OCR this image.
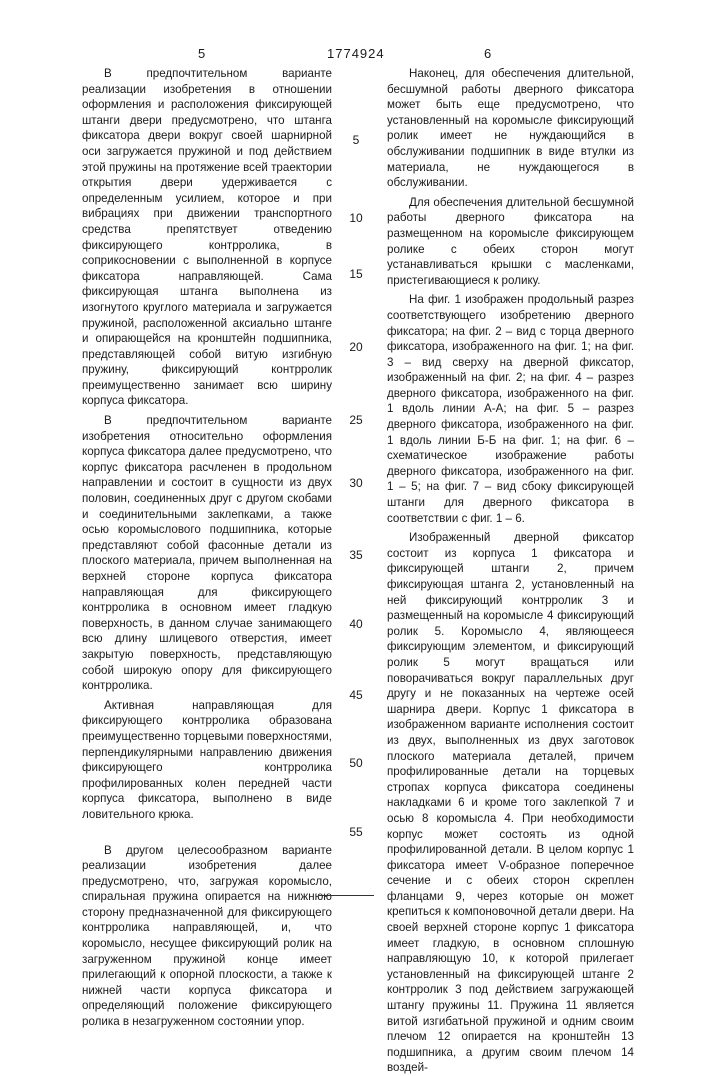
5	1774924	6

В предпочтительном варианте реализации изобретения в отношении оформления и расположения фиксирующей штанги двери предусмотрено, что штанга фиксатора двери вокруг своей шарнирной оси загружается пружиной и под действием этой пружины на протяжение всей траектории открытия двери удерживается с определенным усилием, которое и при вибрациях при движении транспортного средства препятствует отведению фиксирующего контрролика, в соприкосновении с выполненной в корпусе фиксатора направляющей. Сама фиксирующая штанга выполнена из изогнутого круглого материала и загружается пружиной, расположенной аксиально штанге и опирающейся на кронштейн подшипника, представляющей собой витую изгибную пружину, фиксирующий контрролик преимущественно занимает всю ширину корпуса фиксатора.

В предпочтительном варианте изобретения относительно оформления корпуса фиксатора далее предусмотрено, что корпус фиксатора расчленен в продольном направлении и состоит в сущности из двух половин, соединенных друг с другом скобами и соединительными заклепками, а также осью коромыслового подшипника, которые представляют собой фасонные детали из плоского материала, причем выполненная на верхней стороне корпуса фиксатора направляющая для фиксирующего контрролика в основном имеет гладкую поверхность, в данном случае занимающего всю длину шлицевого отверстия, имеет закрытую поверхность, представляющую собой широкую опору для фиксирующего контрролика.

Активная направляющая для фиксирующего контрролика образована преимущественно торцевыми поверхностями, перпендикулярными направлению движения фиксирующего контрролика профилированных колен передней части корпуса фиксатора, выполнено в виде ловительного крюка.

В другом целесообразном варианте реализации изобретения далее предусмотрено, что, загружая коромысло, спиральная пружина опирается на нижнюю сторону предназначенной для фиксирующего контрролика направляющей, и, что коромысло, несущее фиксирующий ролик на загруженном пружиной конце имеет прилегающий к опорной плоскости, а также к нижней части корпуса фиксатора и определяющий положение фиксирующего ролика в незагруженном состоянии упор.

5
10
15
20
25
30
35
40
45
50
55

Наконец, для обеспечения длительной, бесшумной работы дверного фиксатора может быть еще предусмотрено, что установленный на коромысле фиксирующий ролик имеет не нуждающийся в обслуживании подшипник в виде втулки из материала, не нуждающегося в обслуживании.

Для обеспечения длительной бесшумной работы дверного фиксатора на размещенном на коромысле фиксирующем ролике с обеих сторон могут устанавливаться крышки с масленками, пристегивающиеся к ролику.

На фиг. 1 изображен продольный разрез соответствующего изобретению дверного фиксатора; на фиг. 2 – вид с торца дверного фиксатора, изображенного на фиг. 1; на фиг. 3 – вид сверху на дверной фиксатор, изображенный на фиг. 2; на фиг. 4 – разрез дверного фиксатора, изображенного на фиг. 1 вдоль линии А-А; на фиг. 5 – разрез дверного фиксатора, изображенного на фиг. 1 вдоль линии Б-Б на фиг. 1; на фиг. 6 – схематическое изображение работы дверного фиксатора, изображенного на фиг. 1 – 5; на фиг. 7 – вид сбоку фиксирующей штанги для дверного фиксатора в соответствии с фиг. 1 – 6.

Изображенный дверной фиксатор состоит из корпуса 1 фиксатора и фиксирующей штанги 2, причем фиксирующая штанга 2, установленный на ней фиксирующий контрролик 3 и размещенный на коромысле 4 фиксирующий ролик 5. Коромысло 4, являющееся фиксирующим элементом, и фиксирующий ролик 5 могут вращаться или поворачиваться вокруг параллельных друг другу и не показанных на чертеже осей шарнира двери. Корпус 1 фиксатора в изображенном варианте исполнения состоит из двух, выполненных из двух заготовок плоского материала деталей, причем профилированные детали на торцевых стропах корпуса фиксатора соединены накладками 6 и кроме того заклепкой 7 и осью 8 коромысла 4. При необходимости корпус может состоять из одной профилированной детали. В целом корпус 1 фиксатора имеет V-образное поперечное сечение и с обеих сторон скреплен фланцами 9, через которые он может крепиться к компоновочной детали двери. На своей верхней стороне корпус 1 фиксатора имеет гладкую, в основном сплошную направляющую 10, к которой прилегает установленный на фиксирующей штанге 2 контрролик 3 под действием загружающей штангу пружины 11. Пружина 11 является витой изгибатьной пружиной и одним своим плечом 12 опирается на кронштейн 13 подшипника, а другим своим плечом 14 воздей-
